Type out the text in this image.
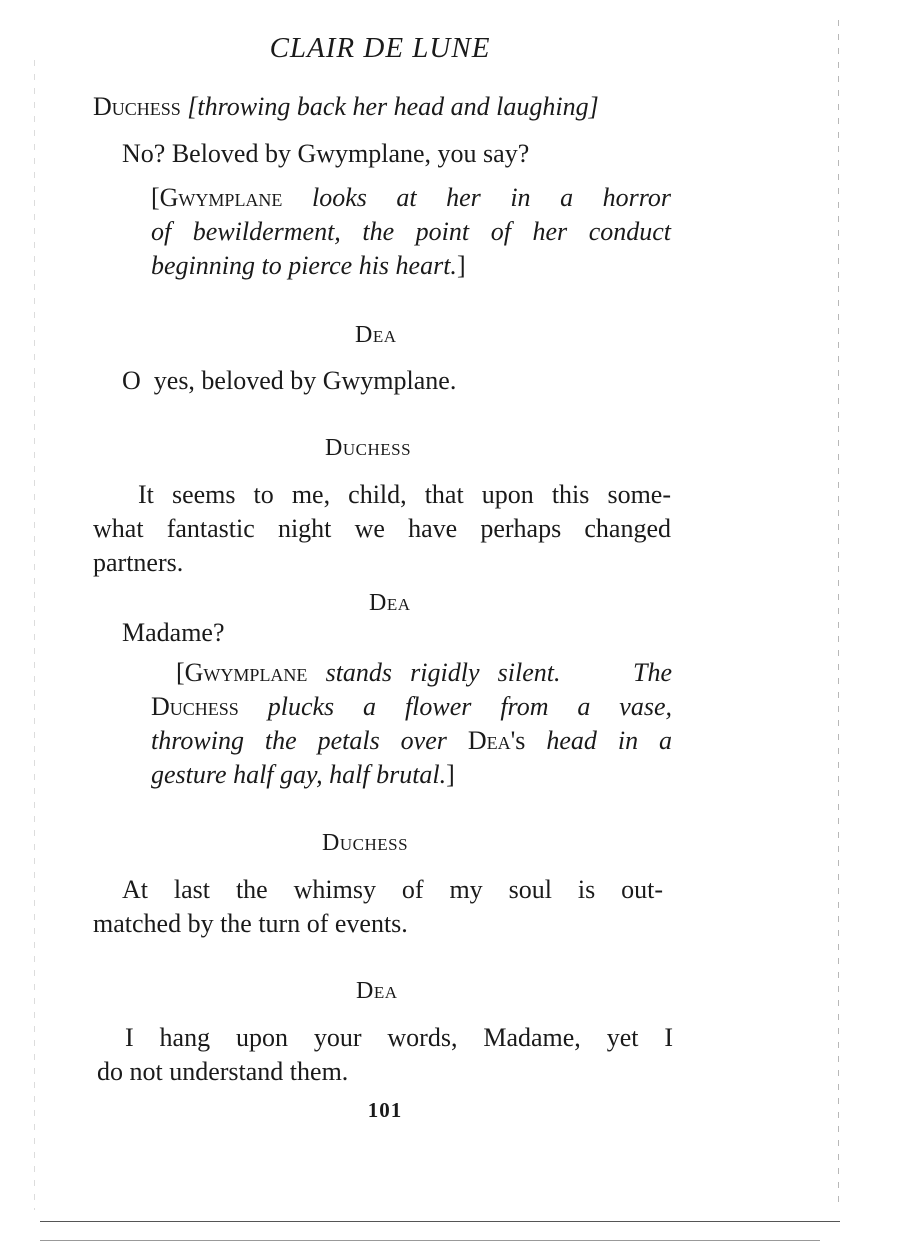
CLAIR DE LUNE
Duchess [throwing back her head and laughing]
No? Beloved by Gwymplane, you say?
[Gwymplane looks at her in a horror
of bewilderment, the point of her conduct
beginning to pierce his heart.]
Dea
O  yes, beloved by Gwymplane.
Duchess
It seems to me, child, that upon this some-
what fantastic night we have perhaps changed
partners.
Dea
Madame?
[Gwymplane stands rigidly silent.    The
Duchess plucks a flower from a vase,
throwing the petals over Dea's head in a
gesture half gay, half brutal.]
Duchess
At last the whimsy of my soul is out-
matched by the turn of events.
Dea
I hang upon your words, Madame, yet I
do not understand them.
101
